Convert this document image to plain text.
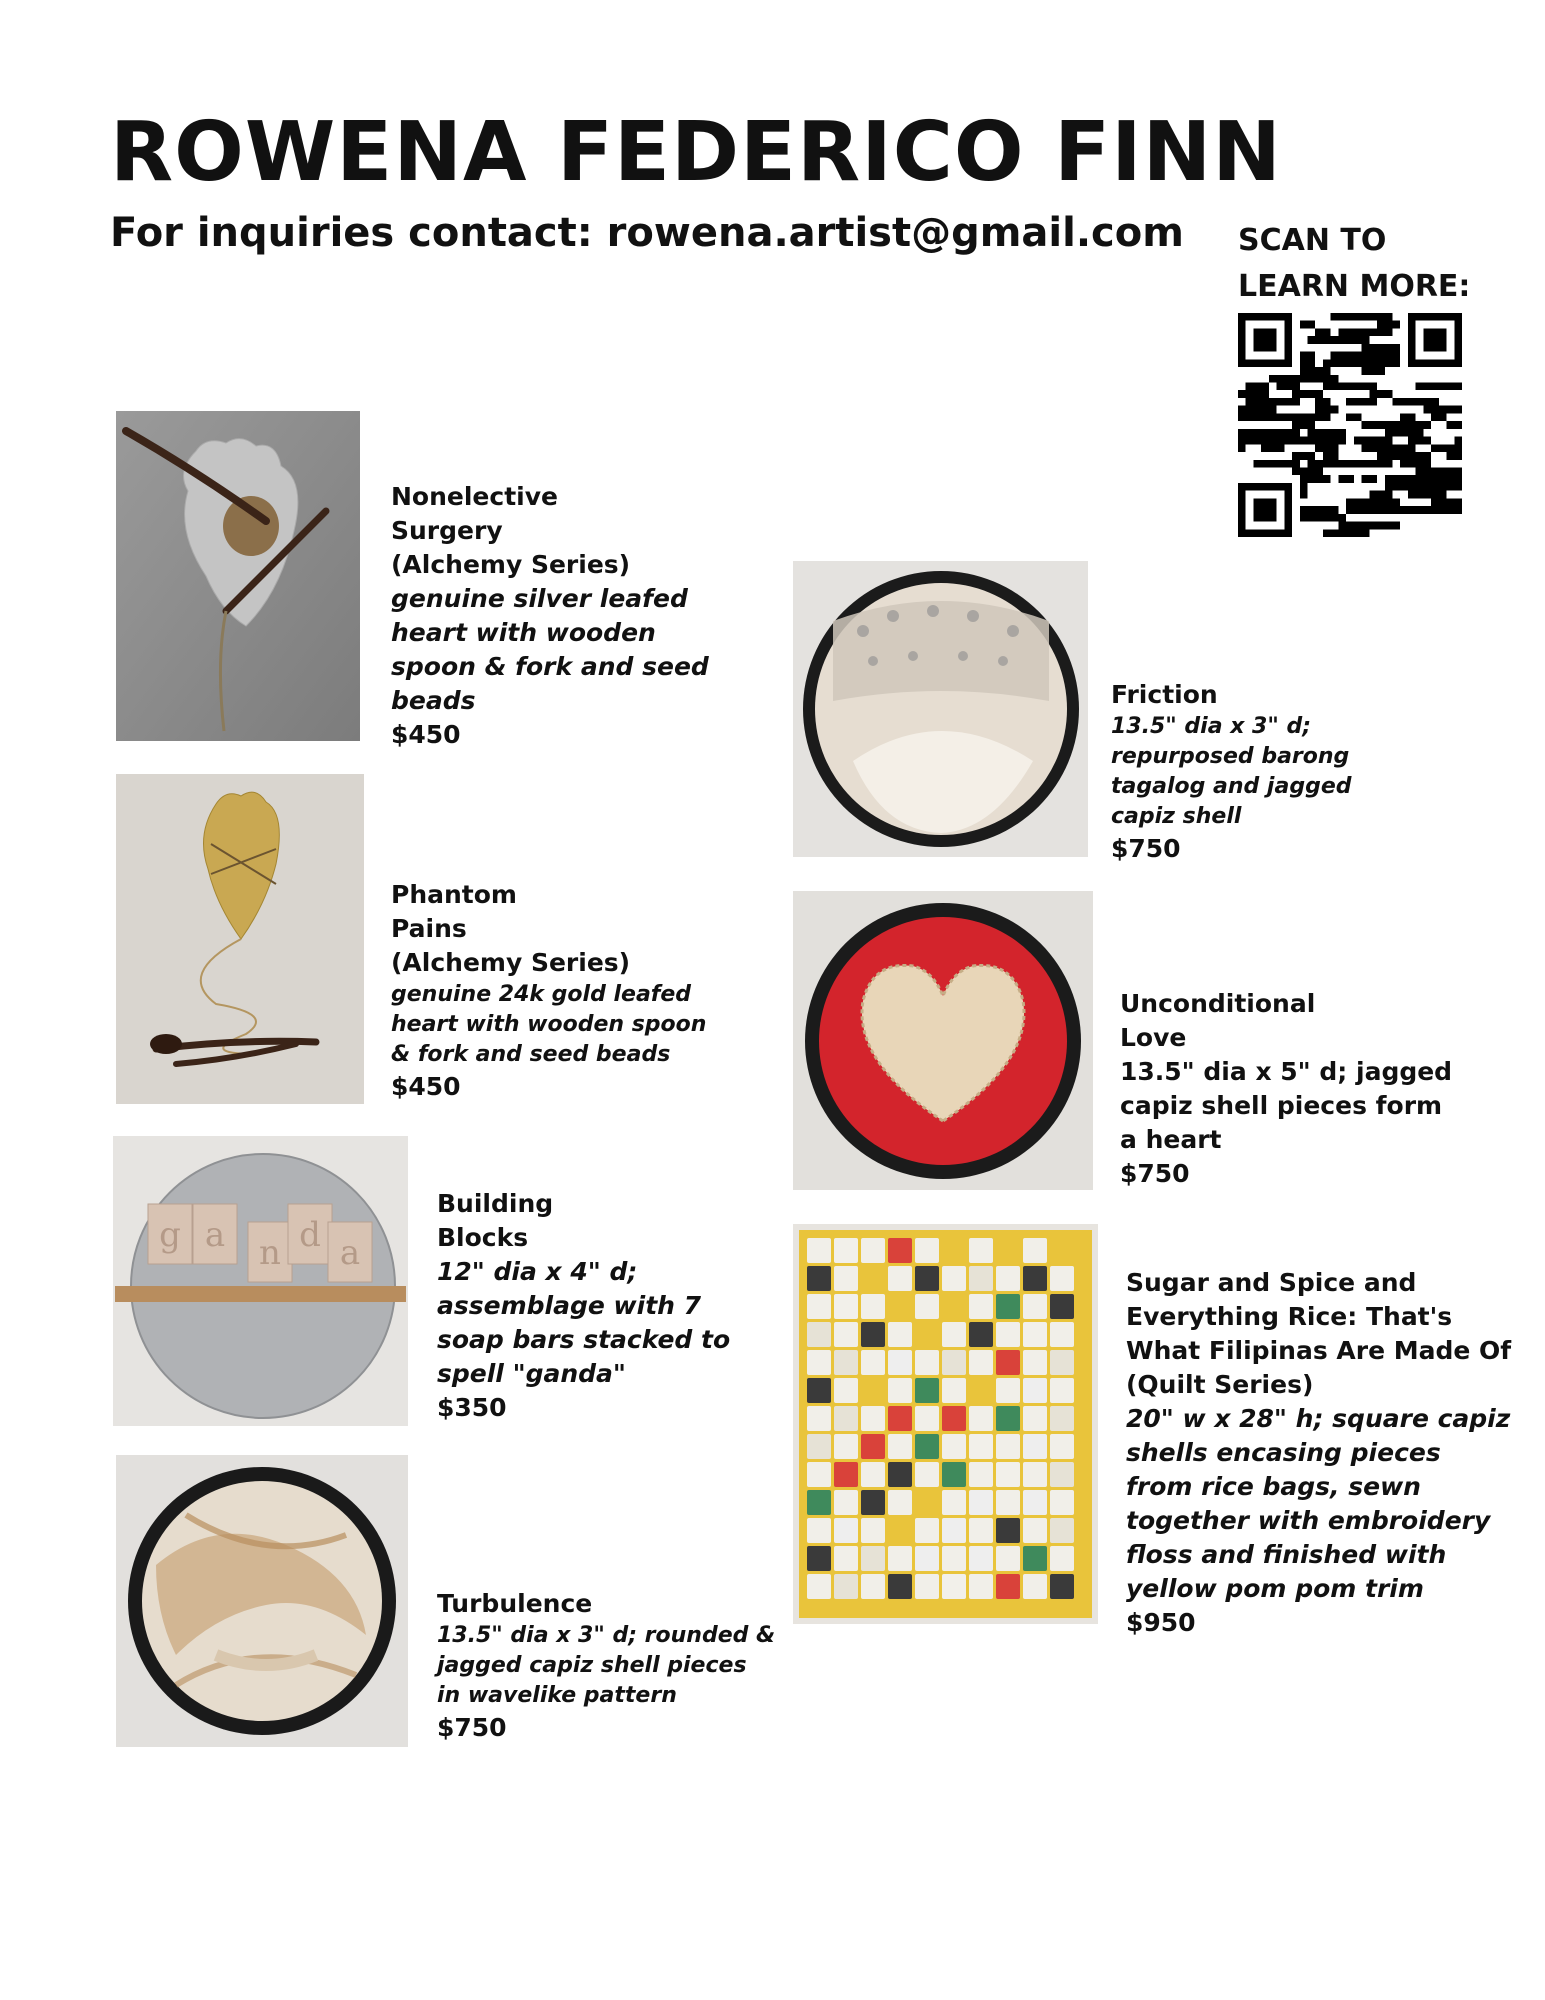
ROWENA FEDERICO FINN
For inquiries contact: rowena.artist@gmail.com SCAN TO
LEARN MORE:
Nonelective
Surgery
(Alchemy Series)
genuine silver leafed
heart with wooden
spoon & fork and seed
beads
$450
Phantom
Pains
(Alchemy Series)
genuine 24k gold leafed
heart with wooden spoon
& fork and seed beads
$450
g a n d a
Building
Blocks
12" dia x 4" d;
assemblage with 7
soap bars stacked to
spell "ganda"
$350
Turbulence
13.5" dia x 3" d; rounded &
jagged capiz shell pieces
in wavelike pattern
$750
Friction
13.5" dia x 3" d;
repurposed barong
tagalog and jagged
capiz shell
$750
Unconditional
Love
13.5" dia x 5" d; jagged
capiz shell pieces form
a heart
$750
Sugar and Spice and
Everything Rice: That's
What Filipinas Are Made Of
(Quilt Series)
20" w x 28" h; square capiz
shells encasing pieces
from rice bags, sewn
together with embroidery
floss and finished with
yellow pom pom trim
$950
